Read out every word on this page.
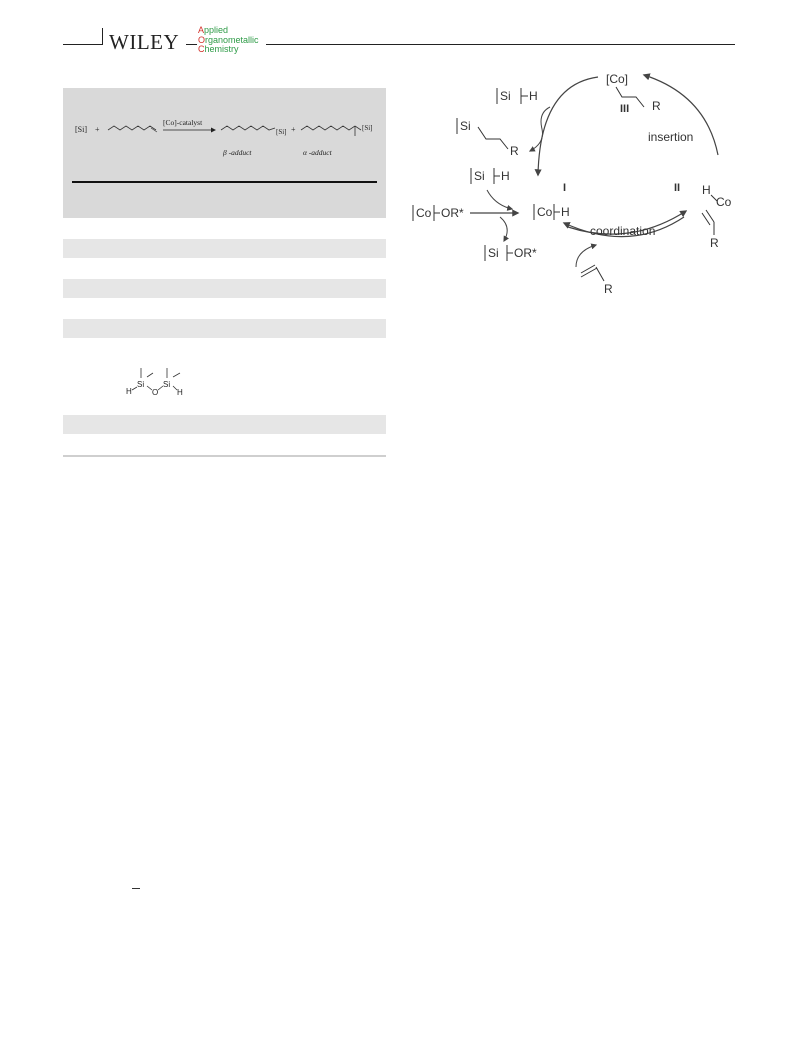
WILEY Applied
Organometallic
Chemistry
[Si] +
[Co]-catalyst
[Si] +	[Si]
β -adduct	α -adduct
H
Si
O
Si
H
[Co]
R
III
insertion
Si H
Si
R
Si H
Co OR*
I
Co H
II H
Co
R
coordination
Si OR*
R
